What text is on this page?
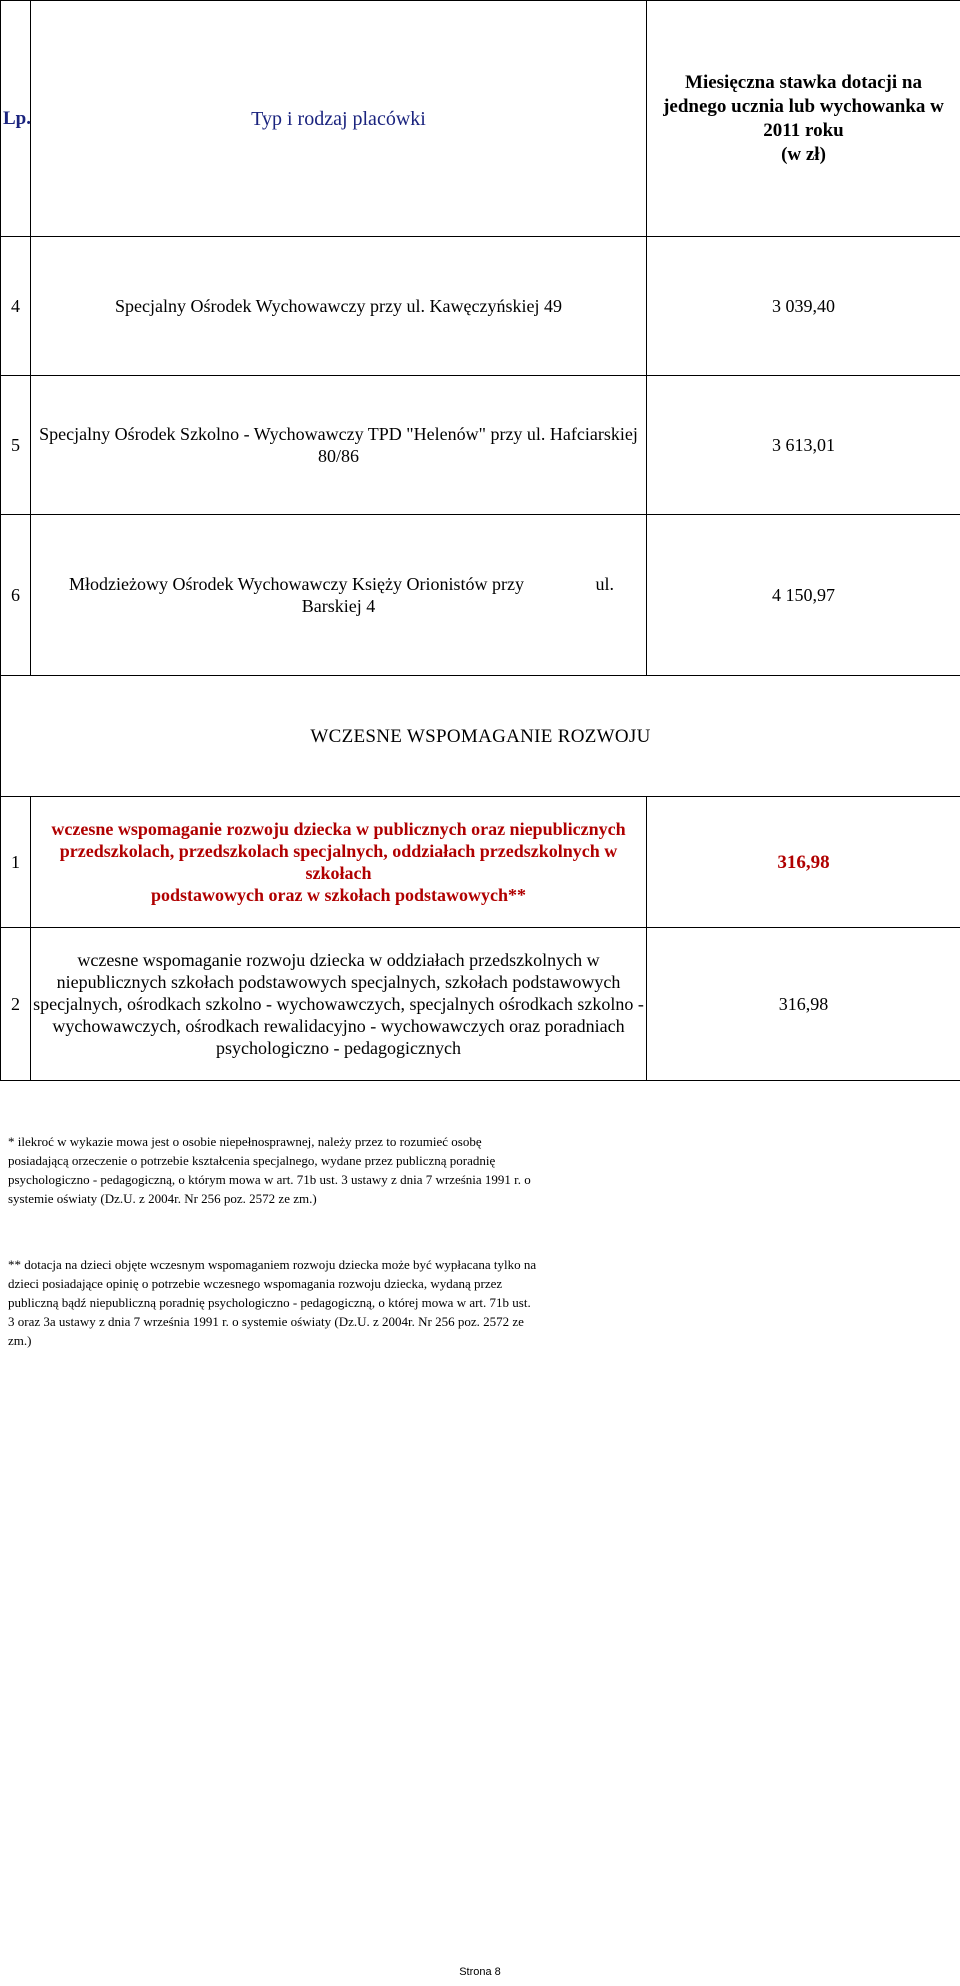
Lp.	Typ i rodzaj placówki	Miesięczna stawka dotacji na
jednego ucznia lub wychowanka w
2011 roku
(w zł)

4	Specjalny Ośrodek Wychowawczy przy ul. Kawęczyńskiej 49	3 039,40
5	Specjalny Ośrodek Szkolno - Wychowawczy TPD "Helenów" przy ul. Hafciarskiej
80/86	3 613,01
6	Młodzieżowy Ośrodek Wychowawczy Księży Orionistów przy ul.
Barskiej 4	4 150,97
WCZESNE WSPOMAGANIE ROZWOJU		
1	wczesne wspomaganie rozwoju dziecka w publicznych oraz niepublicznych
przedszkolach, przedszkolach specjalnych, oddziałach przedszkolnych w szkołach
podstawowych oraz w szkołach podstawowych**	316,98
2	wczesne wspomaganie rozwoju dziecka w oddziałach przedszkolnych w
niepublicznych szkołach podstawowych specjalnych, szkołach podstawowych
specjalnych, ośrodkach szkolno - wychowawczych, specjalnych ośrodkach szkolno -
wychowawczych, ośrodkach rewalidacyjno - wychowawczych oraz poradniach
psychologiczno - pedagogicznych	316,98
* ilekroć w wykazie mowa jest o osobie niepełnosprawnej, należy przez to rozumieć osobę
posiadającą orzeczenie o potrzebie kształcenia specjalnego, wydane przez publiczną poradnię
psychologiczno - pedagogiczną, o którym mowa w art. 71b ust. 3 ustawy z dnia 7 września 1991 r. o
systemie oświaty (Dz.U. z 2004r. Nr 256 poz. 2572 ze zm.)
** dotacja na dzieci objęte wczesnym wspomaganiem rozwoju dziecka może być wypłacana tylko na
dzieci posiadające opinię o potrzebie wczesnego wspomagania rozwoju dziecka, wydaną przez
publiczną bądź niepubliczną poradnię psychologiczno - pedagogiczną, o której mowa w art. 71b ust.
3 oraz 3a ustawy z dnia 7 września 1991 r. o systemie oświaty (Dz.U. z 2004r. Nr 256 poz. 2572 ze
zm.)
Strona 8
